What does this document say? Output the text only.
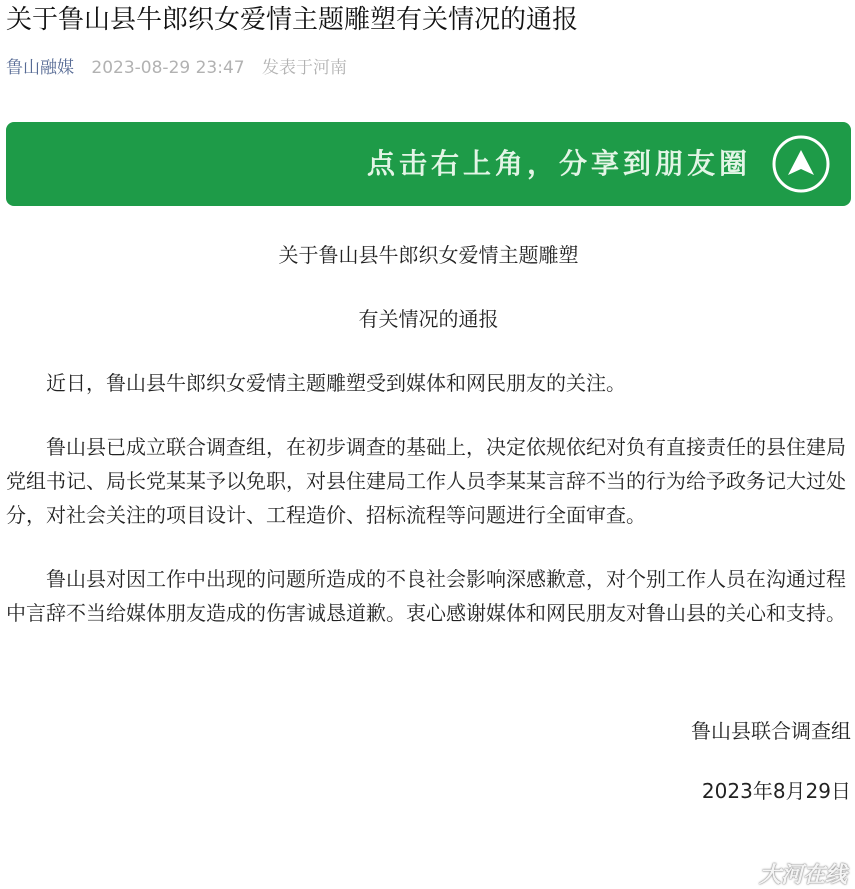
关于鲁山县牛郎织女爱情主题雕塑有关情况的通报
鲁山融媒 2023-08-29 23:47 发表于河南
点击右上角，分享到朋友圈

关于鲁山县牛郎织女爱情主题雕塑

有关情况的通报

近日，鲁山县牛郎织女爱情主题雕塑受到媒体和网民朋友的关注。

鲁山县已成立联合调查组，在初步调查的基础上，决定依规依纪对负有直接责任的县住建局党组书记、局长党某某予以免职，对县住建局工作人员李某某言辞不当的行为给予政务记大过处分，对社会关注的项目设计、工程造价、招标流程等问题进行全面审查。

鲁山县对因工作中出现的问题所造成的不良社会影响深感歉意，对个别工作人员在沟通过程中言辞不当给媒体朋友造成的伤害诚恳道歉。衷心感谢媒体和网民朋友对鲁山县的关心和支持。

鲁山县联合调查组

2023年8月29日

大河在线
